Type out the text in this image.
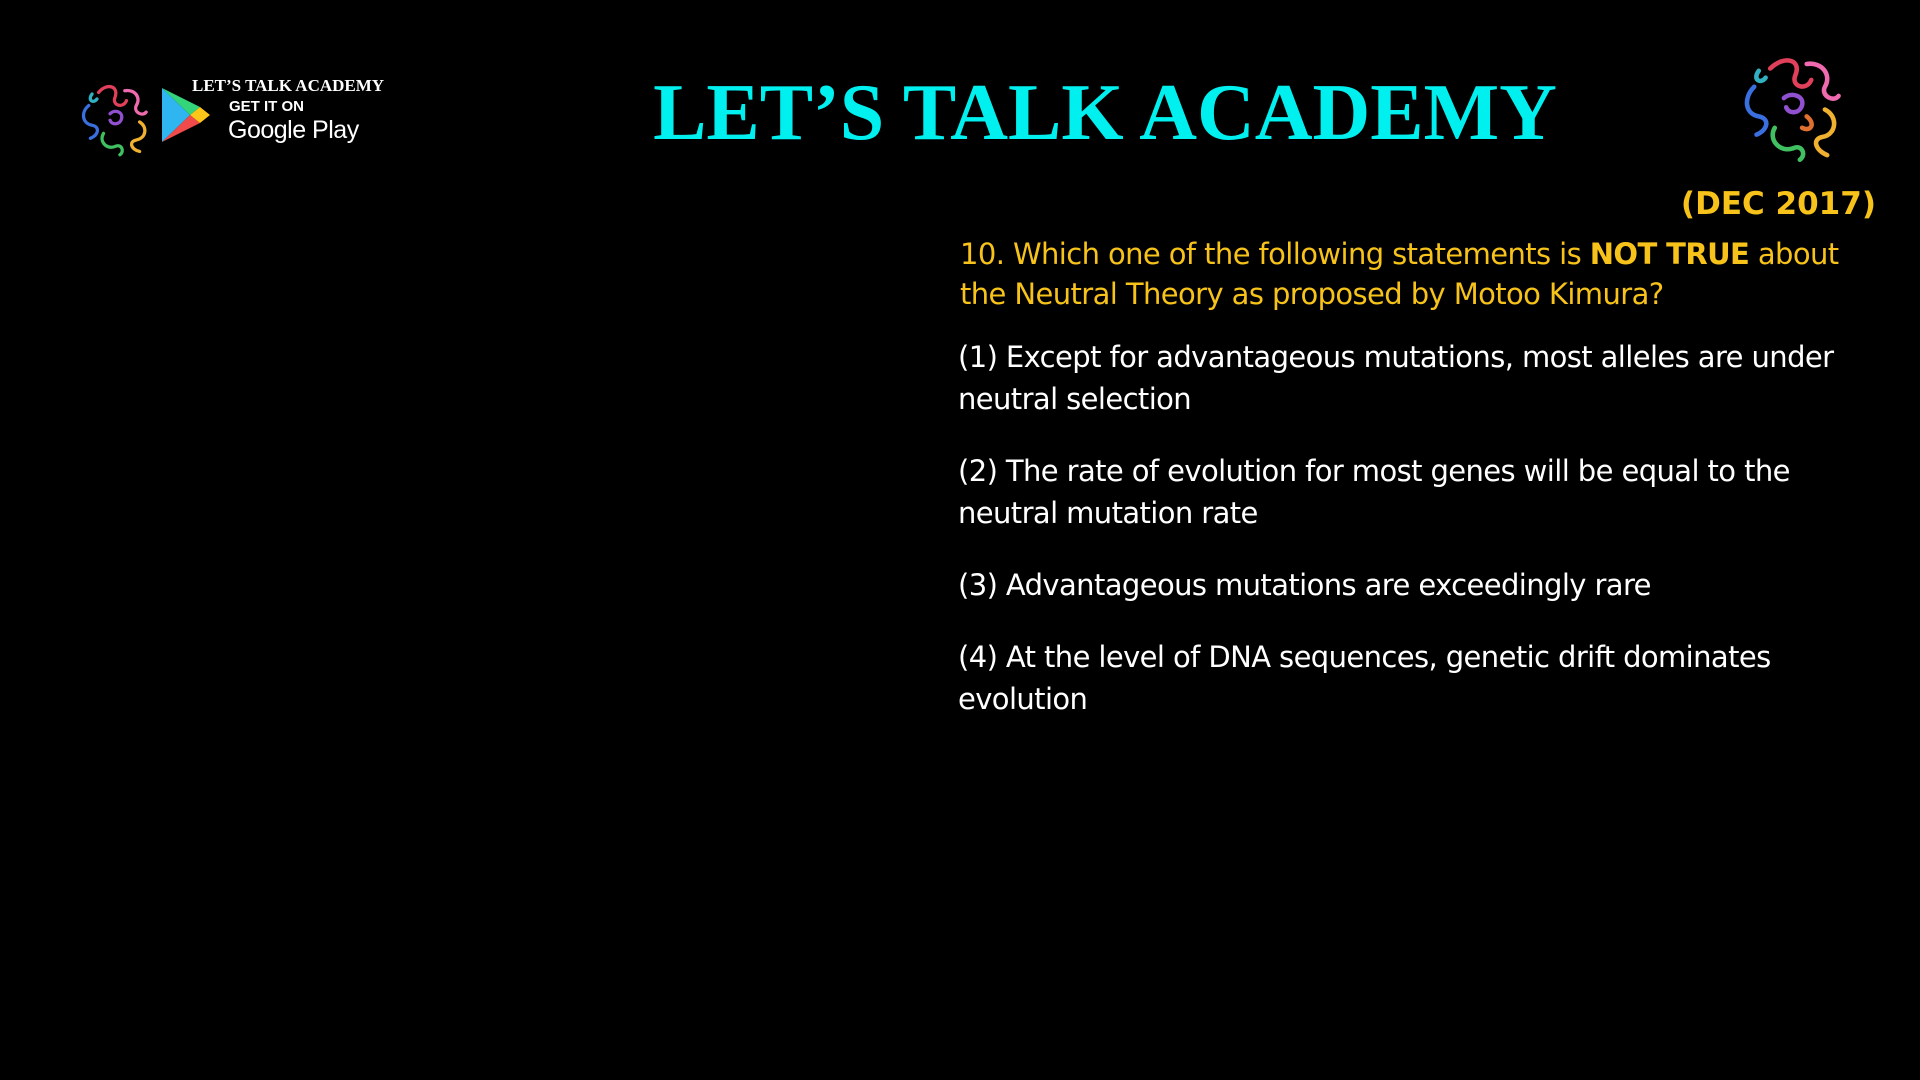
LET’S TALK ACADEMY
GET IT ON
Google Play	LET’S TALK ACADEMY
(DEC 2017)
10. Which one of the following statements is NOT TRUE about the Neutral Theory as proposed by Motoo Kimura?

(1) Except for advantageous mutations, most alleles are under neutral selection

(2) The rate of evolution for most genes will be equal to the neutral mutation rate

(3) Advantageous mutations are exceedingly rare

(4) At the level of DNA sequences, genetic drift dominates evolution
